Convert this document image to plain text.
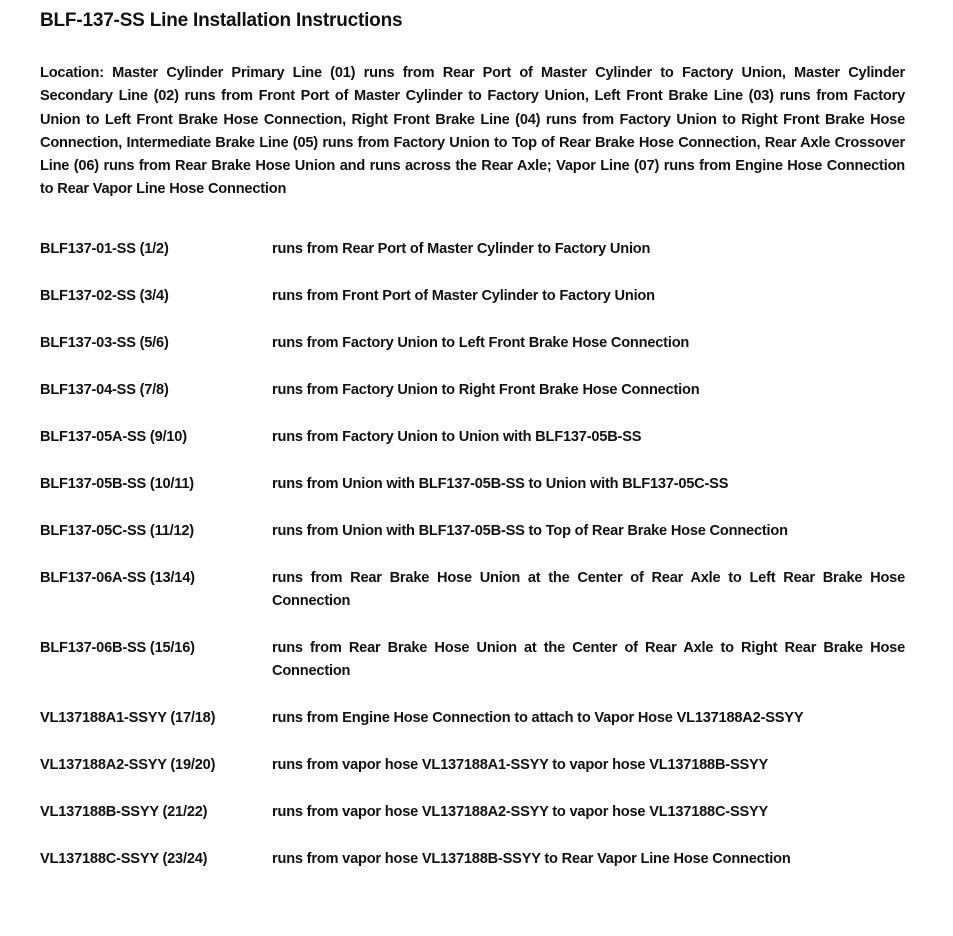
BLF-137-SS Line Installation Instructions
Location: Master Cylinder Primary Line (01) runs from Rear Port of Master Cylinder to Factory Union, Master Cylinder Secondary Line (02) runs from Front Port of Master Cylinder to Factory Union, Left Front Brake Line (03) runs from Factory Union to Left Front Brake Hose Connection, Right Front Brake Line (04) runs from Factory Union to Right Front Brake Hose Connection, Intermediate Brake Line (05) runs from Factory Union to Top of Rear Brake Hose Connection, Rear Axle Crossover Line (06) runs from Rear Brake Hose Union and runs across the Rear Axle; Vapor Line (07) runs from Engine Hose Connection to Rear Vapor Line Hose Connection
BLF137-01-SS (1/2)	runs from Rear Port of Master Cylinder to Factory Union
BLF137-02-SS (3/4)	runs from Front Port of Master Cylinder to Factory Union
BLF137-03-SS (5/6)	runs from Factory Union to Left Front Brake Hose Connection
BLF137-04-SS (7/8)	runs from Factory Union to Right Front Brake Hose Connection
BLF137-05A-SS (9/10)	runs from Factory Union to Union with BLF137-05B-SS
BLF137-05B-SS (10/11)	runs from Union with BLF137-05B-SS to Union with BLF137-05C-SS
BLF137-05C-SS (11/12)	runs from Union with BLF137-05B-SS to Top of Rear Brake Hose Connection
BLF137-06A-SS (13/14)	runs from Rear Brake Hose Union at the Center of Rear Axle to Left Rear Brake Hose Connection
BLF137-06B-SS (15/16)	runs from Rear Brake Hose Union at the Center of Rear Axle to Right Rear Brake Hose Connection
VL137188A1-SSYY (17/18)	runs from Engine Hose Connection to attach to Vapor Hose VL137188A2-SSYY
VL137188A2-SSYY (19/20)	runs from vapor hose VL137188A1-SSYY to vapor hose VL137188B-SSYY
VL137188B-SSYY (21/22)	runs from vapor hose VL137188A2-SSYY to vapor hose VL137188C-SSYY
VL137188C-SSYY (23/24)	runs from vapor hose VL137188B-SSYY to Rear Vapor Line Hose Connection
